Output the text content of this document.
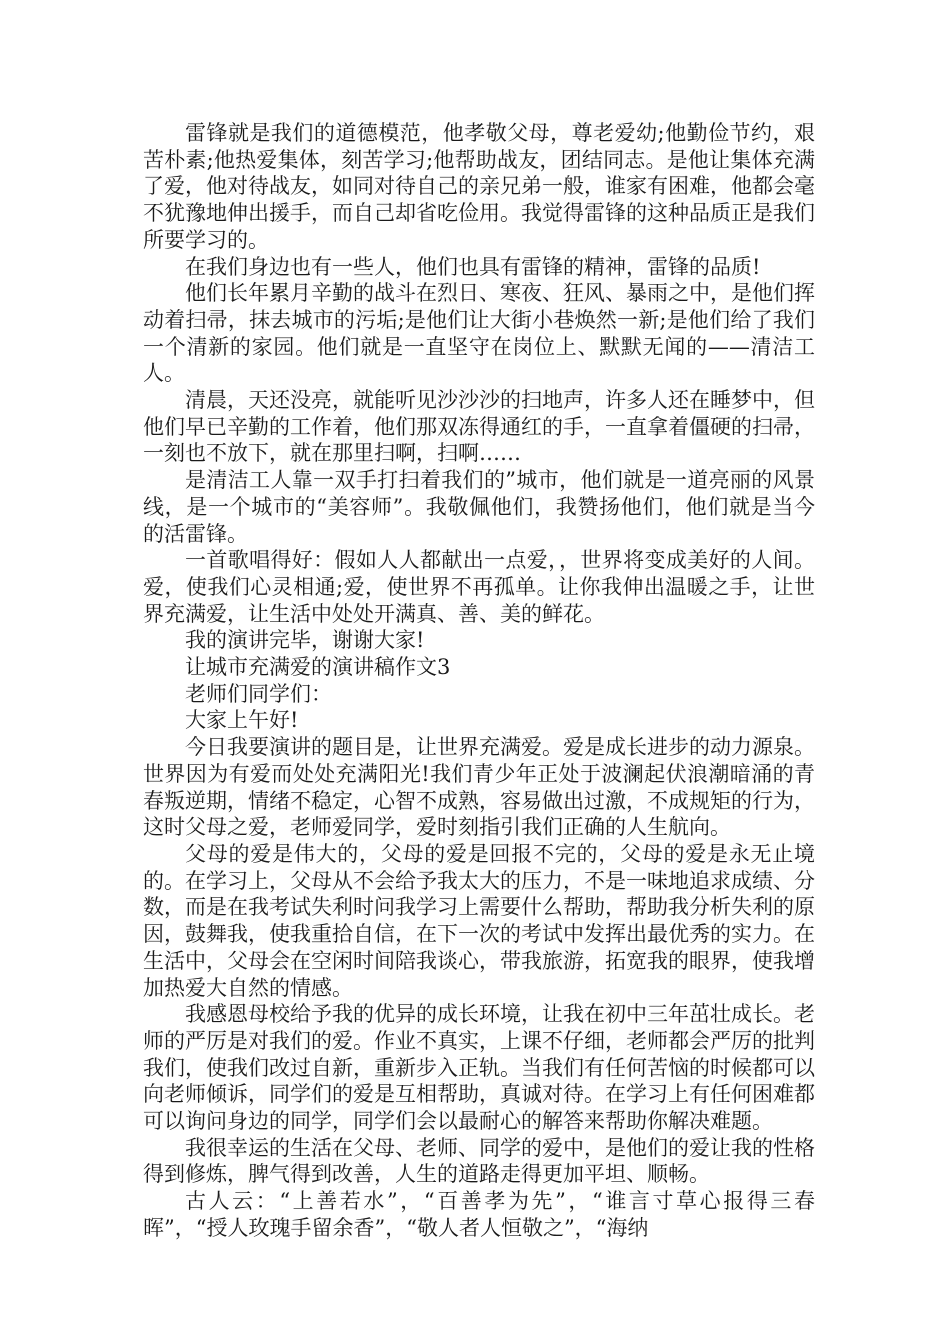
雷锋就是我们的道德模范，他孝敬父母，尊老爱幼;他勤俭节约，艰苦朴素;他热爱集体，刻苦学习;他帮助战友，团结同志。是他让集体充满了爱，他对待战友，如同对待自己的亲兄弟一般，谁家有困难，他都会毫不犹豫地伸出援手，而自己却省吃俭用。我觉得雷锋的这种品质正是我们所要学习的。

在我们身边也有一些人，他们也具有雷锋的精神，雷锋的品质!

他们长年累月辛勤的战斗在烈日、寒夜、狂风、暴雨之中，是他们挥动着扫帚，抹去城市的污垢;是他们让大街小巷焕然一新;是他们给了我们一个清新的家园。他们就是一直坚守在岗位上、默默无闻的——清洁工人。

清晨，天还没亮，就能听见沙沙沙的扫地声，许多人还在睡梦中，但他们早已辛勤的工作着，他们那双冻得通红的手，一直拿着僵硬的扫帚，一刻也不放下，就在那里扫啊，扫啊……

是清洁工人靠一双手打扫着我们的”城市，他们就是一道亮丽的风景线，是一个城市的“美容师”。我敬佩他们，我赞扬他们，他们就是当今的活雷锋。

一首歌唱得好：假如人人都献出一点爱，，世界将变成美好的人间。爱，使我们心灵相通;爱，使世界不再孤单。让你我伸出温暖之手，让世界充满爱，让生活中处处开满真、善、美的鲜花。

我的演讲完毕，谢谢大家!

让城市充满爱的演讲稿作文3

老师们同学们：

大家上午好!

今日我要演讲的题目是，让世界充满爱。爱是成长进步的动力源泉。世界因为有爱而处处充满阳光!我们青少年正处于波澜起伏浪潮暗涌的青春叛逆期，情绪不稳定，心智不成熟，容易做出过激，不成规矩的行为，这时父母之爱，老师爱同学，爱时刻指引我们正确的人生航向。

父母的爱是伟大的，父母的爱是回报不完的，父母的爱是永无止境的。在学习上，父母从不会给予我太大的压力，不是一味地追求成绩、分数，而是在我考试失利时问我学习上需要什么帮助，帮助我分析失利的原因，鼓舞我，使我重拾自信，在下一次的考试中发挥出最优秀的实力。在生活中，父母会在空闲时间陪我谈心，带我旅游，拓宽我的眼界，使我增加热爱大自然的情感。

我感恩母校给予我的优异的成长环境，让我在初中三年茁壮成长。老师的严厉是对我们的爱。作业不真实，上课不仔细，老师都会严厉的批判我们，使我们改过自新，重新步入正轨。当我们有任何苦恼的时候都可以向老师倾诉，同学们的爱是互相帮助，真诚对待。在学习上有任何困难都可以询问身边的同学，同学们会以最耐心的解答来帮助你解决难题。

我很幸运的生活在父母、老师、同学的爱中，是他们的爱让我的性格得到修炼，脾气得到改善，人生的道路走得更加平坦、顺畅。

古人云：“上善若水”，“百善孝为先”，“谁言寸草心报得三春晖”，“授人玫瑰手留余香”，“敬人者人恒敬之”，“海纳
